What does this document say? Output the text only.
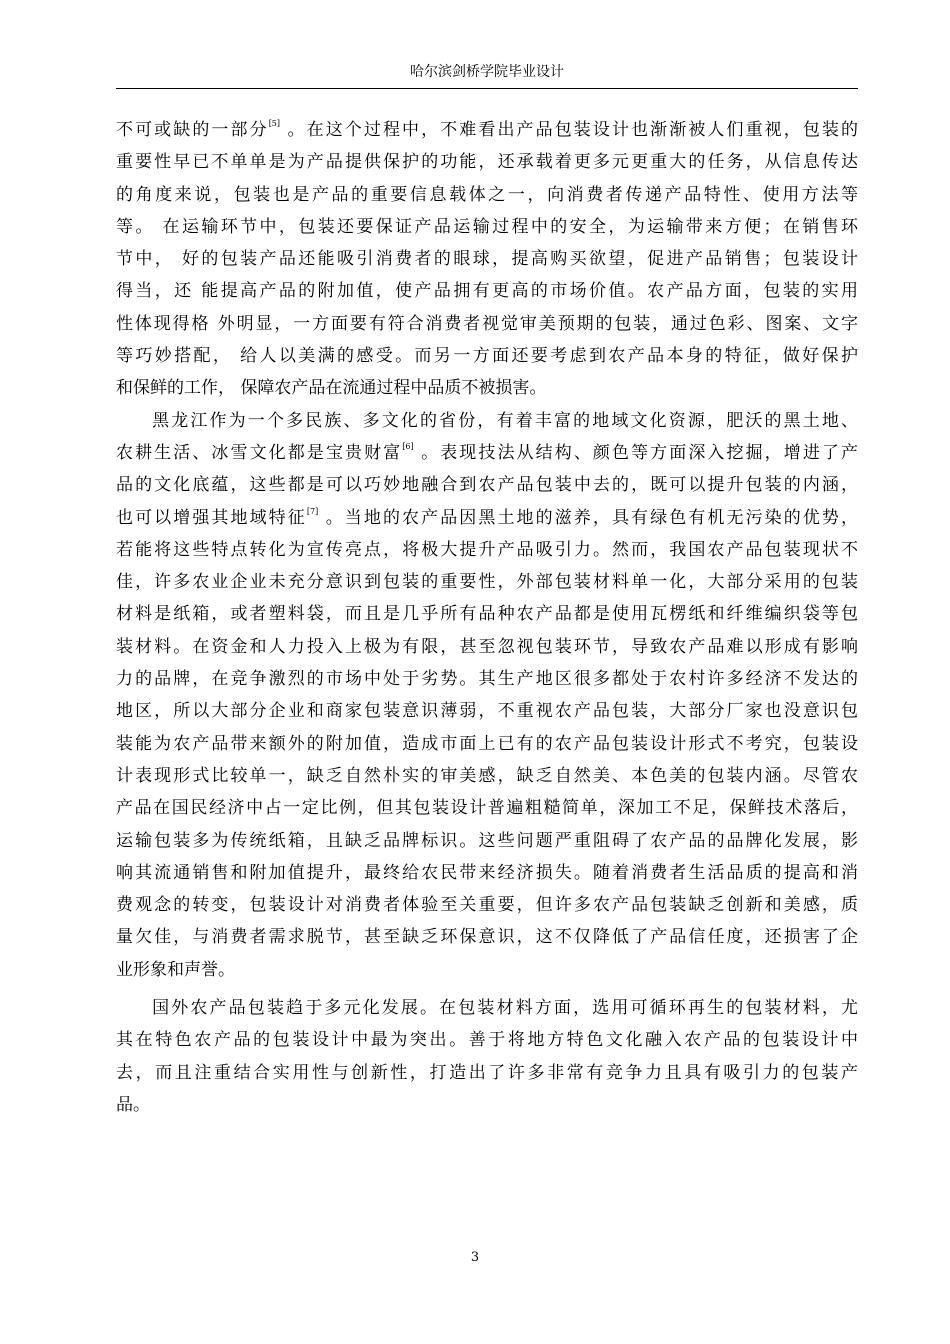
哈尔滨剑桥学院毕业设计
不可或缺的一部分[5] 。在这个过程中，不难看出产品包装设计也渐渐被人们重视，包装的
重要性早已不单单是为产品提供保护的功能，还承载着更多元更重大的任务，从信息传达
的角度来说，包装也是产品的重要信息载体之一，向消费者传递产品特性、使用方法等
等。 在运输环节中，包装还要保证产品运输过程中的安全，为运输带来方便；在销售环
节中， 好的包装产品还能吸引消费者的眼球，提高购买欲望，促进产品销售；包装设计
得当，还 能提高产品的附加值，使产品拥有更高的市场价值。农产品方面，包装的实用
性体现得格 外明显，一方面要有符合消费者视觉审美预期的包装，通过色彩、图案、文字
等巧妙搭配， 给人以美满的感受。而另一方面还要考虑到农产品本身的特征，做好保护
和保鲜的工作， 保障农产品在流通过程中品质不被损害。
黑龙江作为一个多民族、多文化的省份，有着丰富的地域文化资源，肥沃的黑土地、
农耕生活、冰雪文化都是宝贵财富[6] 。表现技法从结构、颜色等方面深入挖掘，增进了产
品的文化底蕴，这些都是可以巧妙地融合到农产品包装中去的，既可以提升包装的内涵，
也可以增强其地域特征[7] 。当地的农产品因黑土地的滋养，具有绿色有机无污染的优势，
若能将这些特点转化为宣传亮点，将极大提升产品吸引力。然而，我国农产品包装现状不
佳，许多农业企业未充分意识到包装的重要性，外部包装材料单一化，大部分采用的包装
材料是纸箱，或者塑料袋，而且是几乎所有品种农产品都是使用瓦楞纸和纤维编织袋等包
装材料。在资金和人力投入上极为有限，甚至忽视包装环节，导致农产品难以形成有影响
力的品牌，在竞争激烈的市场中处于劣势。其生产地区很多都处于农村许多经济不发达的
地区，所以大部分企业和商家包装意识薄弱，不重视农产品包装，大部分厂家也没意识包
装能为农产品带来额外的附加值，造成市面上已有的农产品包装设计形式不考究，包装设
计表现形式比较单一，缺乏自然朴实的审美感，缺乏自然美、本色美的包装内涵。尽管农
产品在国民经济中占一定比例，但其包装设计普遍粗糙简单，深加工不足，保鲜技术落后，
运输包装多为传统纸箱，且缺乏品牌标识。这些问题严重阻碍了农产品的品牌化发展，影
响其流通销售和附加值提升，最终给农民带来经济损失。随着消费者生活品质的提高和消
费观念的转变，包装设计对消费者体验至关重要，但许多农产品包装缺乏创新和美感，质
量欠佳，与消费者需求脱节，甚至缺乏环保意识，这不仅降低了产品信任度，还损害了企
业形象和声誉。
国外农产品包装趋于多元化发展。在包装材料方面，选用可循环再生的包装材料，尤
其在特色农产品的包装设计中最为突出。善于将地方特色文化融入农产品的包装设计中
去，而且注重结合实用性与创新性，打造出了许多非常有竞争力且具有吸引力的包装产
品。
3
